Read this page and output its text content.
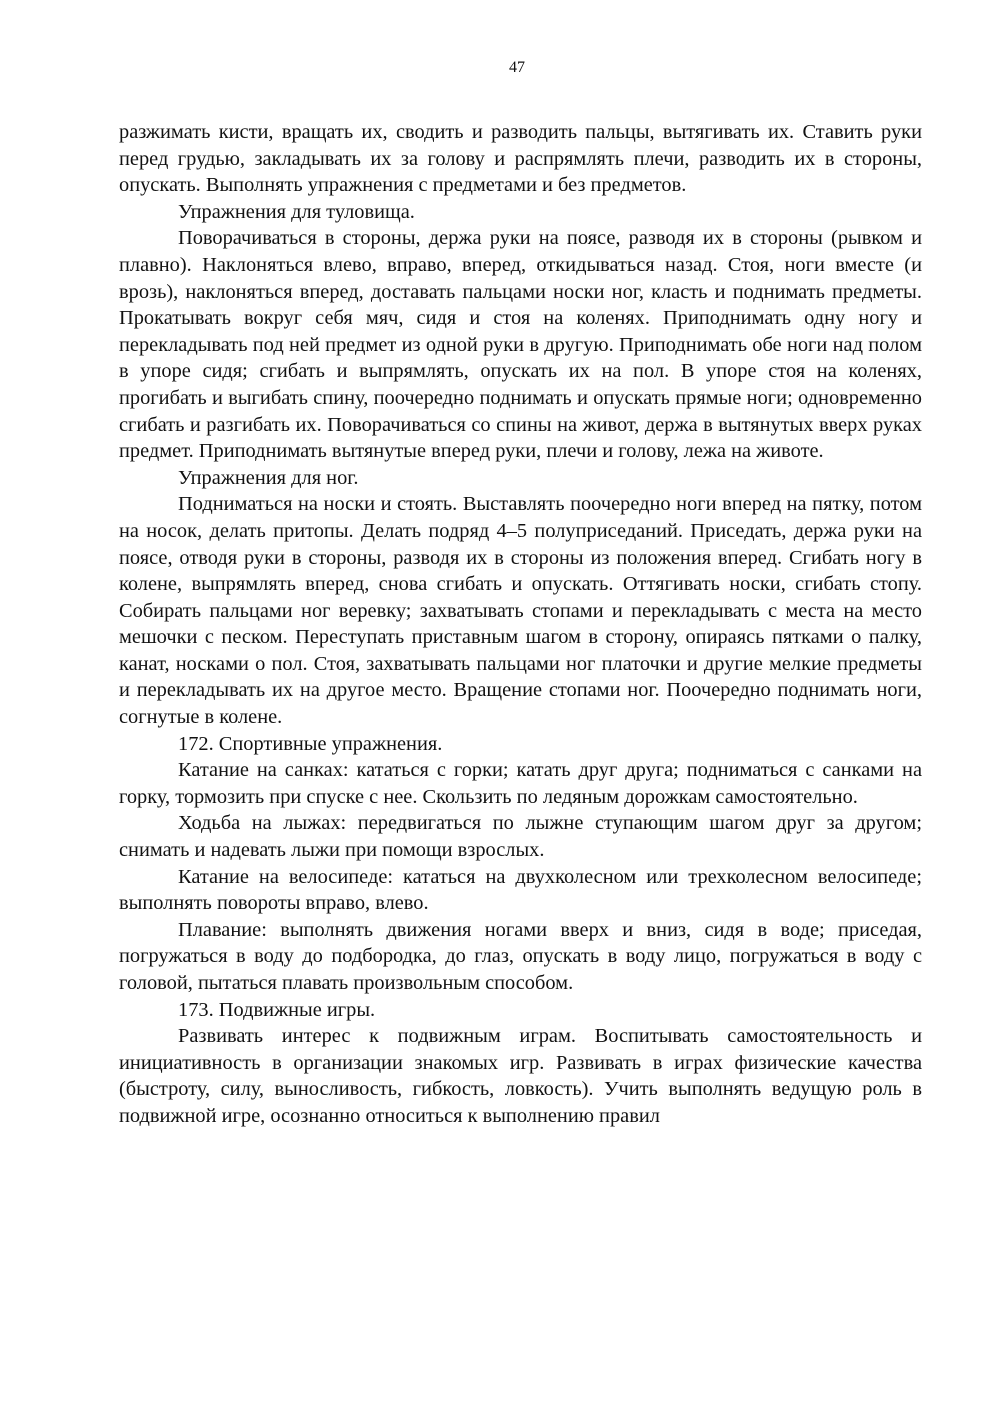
47

разжимать кисти, вращать их, сводить и разводить пальцы, вытягивать их. Ставить руки перед грудью, закладывать их за голову и распрямлять плечи, разводить их в стороны, опускать. Выполнять упражнения с предметами и без предметов.

Упражнения для туловища.

Поворачиваться в стороны, держа руки на поясе, разводя их в стороны (рывком и плавно). Наклоняться влево, вправо, вперед, откидываться назад. Стоя, ноги вместе (и врозь), наклоняться вперед, доставать пальцами носки ног, класть и поднимать предметы. Прокатывать вокруг себя мяч, сидя и стоя на коленях. Приподнимать одну ногу и перекладывать под ней предмет из одной руки в другую. Приподнимать обе ноги над полом в упоре сидя; сгибать и выпрямлять, опускать их на пол. В упоре стоя на коленях, прогибать и выгибать спину, поочередно поднимать и опускать прямые ноги; одновременно сгибать и разгибать их. Поворачиваться со спины на живот, держа в вытянутых вверх руках предмет. Приподнимать вытянутые вперед руки, плечи и голову, лежа на животе.

Упражнения для ног.

Подниматься на носки и стоять. Выставлять поочередно ноги вперед на пятку, потом на носок, делать притопы. Делать подряд 4–5 полуприседаний. Приседать, держа руки на поясе, отводя руки в стороны, разводя их в стороны из положения вперед. Сгибать ногу в колене, выпрямлять вперед, снова сгибать и опускать. Оттягивать носки, сгибать стопу. Собирать пальцами ног веревку; захватывать стопами и перекладывать с места на место мешочки с песком. Переступать приставным шагом в сторону, опираясь пятками о палку, канат, носками о пол. Стоя, захватывать пальцами ног платочки и другие мелкие предметы и перекладывать их на другое место. Вращение стопами ног. Поочередно поднимать ноги, согнутые в колене.

172. Спортивные упражнения.

Катание на санках: кататься с горки; катать друг друга; подниматься с санками на горку, тормозить при спуске с нее. Скользить по ледяным дорожкам самостоятельно.

Ходьба на лыжах: передвигаться по лыжне ступающим шагом друг за другом; снимать и надевать лыжи при помощи взрослых.

Катание на велосипеде: кататься на двухколесном или трехколесном велосипеде; выполнять повороты вправо, влево.

Плавание: выполнять движения ногами вверх и вниз, сидя в воде; приседая, погружаться в воду до подбородка, до глаз, опускать в воду лицо, погружаться в воду с головой, пытаться плавать произвольным способом.

173. Подвижные игры.

Развивать интерес к подвижным играм. Воспитывать самостоятельность и инициативность в организации знакомых игр. Развивать в играх физические качества (быстроту, силу, выносливость, гибкость, ловкость). Учить выполнять ведущую роль в подвижной игре, осознанно относиться к выполнению правил
